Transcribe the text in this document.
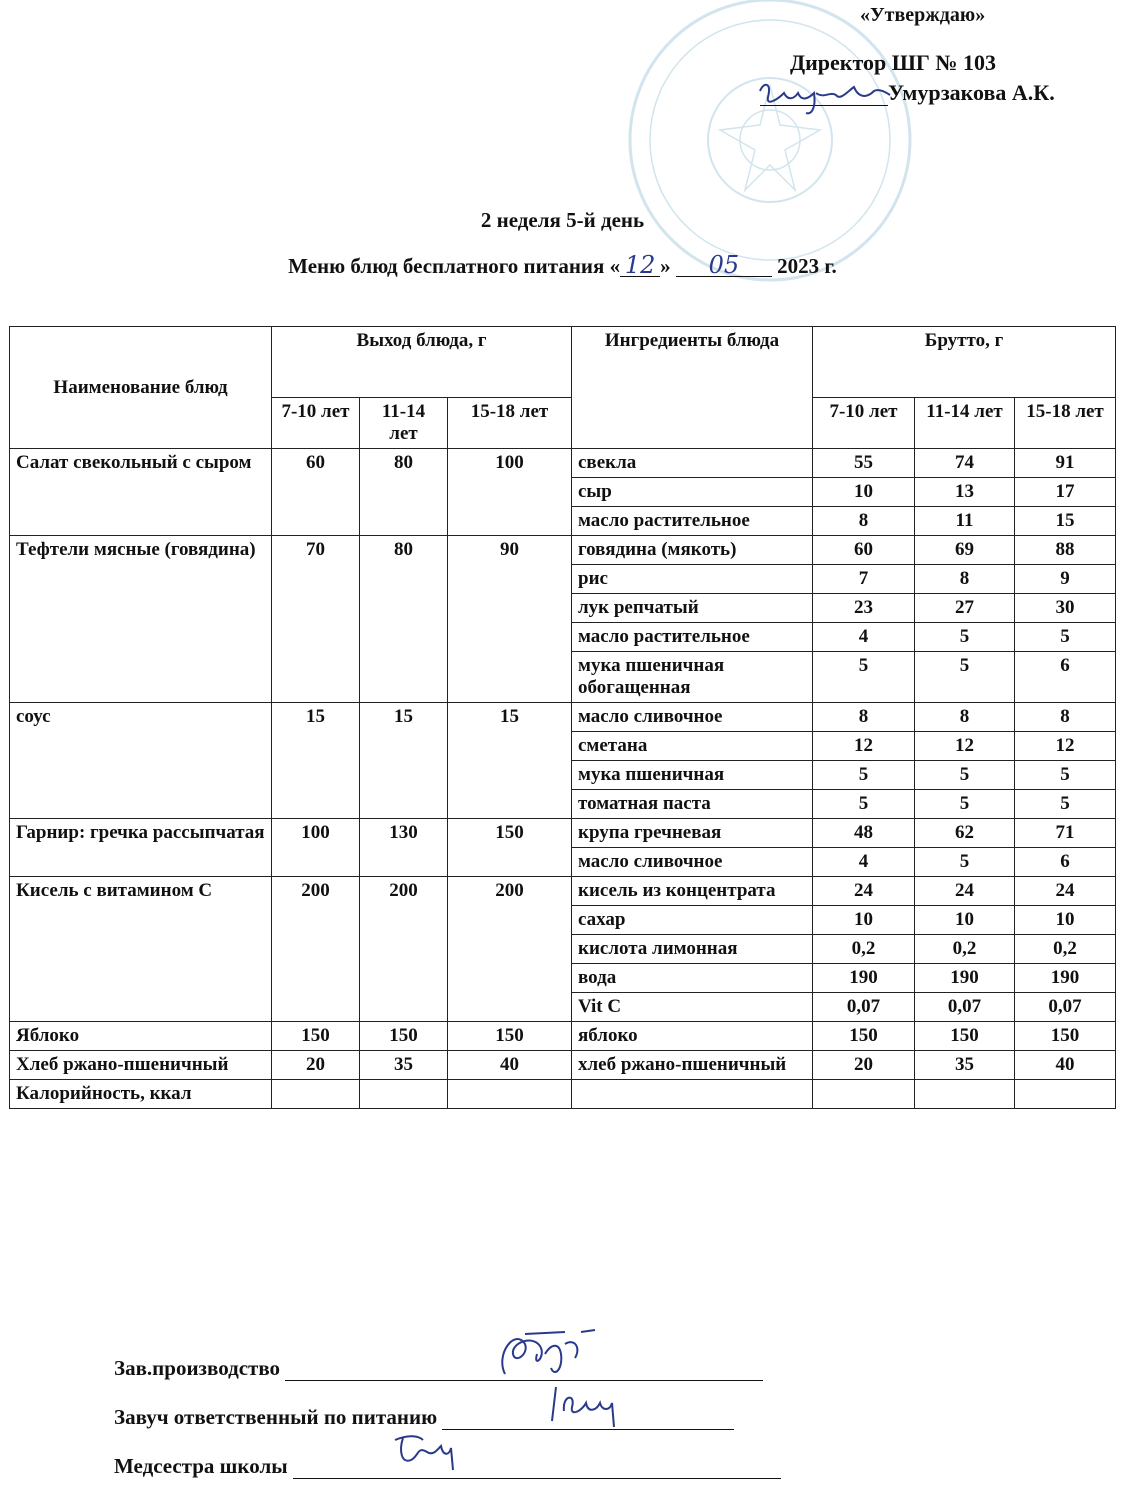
«Утверждаю»
Директор ШГ № 103
Умурзакова А.К.
2 неделя 5-й день
Меню блюд бесплатного питания « 12 » 05 2023 г.
Наименование блюд	Выход блюда, г			Ингредиенты блюда	Брутто, г		
	7-10 лет	11-14 лет	15-18 лет		7-10 лет	11-14 лет	15-18 лет
Салат свекольный с сыром	60	80	100	свекла	55	74	91
				сыр	10	13	17
				масло растительное	8	11	15
Тефтели мясные (говядина)	70	80	90	говядина (мякоть)	60	69	88
				рис	7	8	9
				лук репчатый	23	27	30
				масло растительное	4	5	5
				мука пшеничная обогащенная	5	5	6
соус	15	15	15	масло сливочное	8	8	8
				сметана	12	12	12
				мука пшеничная	5	5	5
				томатная паста	5	5	5
Гарнир: гречка рассыпчатая	100	130	150	крупа гречневая	48	62	71
				масло сливочное	4	5	6
Кисель с витамином С	200	200	200	кисель из концентрата	24	24	24
				сахар	10	10	10
				кислота лимонная	0,2	0,2	0,2
				вода	190	190	190
				Vit C	0,07	0,07	0,07
Яблоко	150	150	150	яблоко	150	150	150
Хлеб ржано-пшеничный	20	35	40	хлеб ржано-пшеничный	20	35	40
Калорийность, ккал							
Зав.производство
Завуч ответственный по питанию
Медсестра школы
